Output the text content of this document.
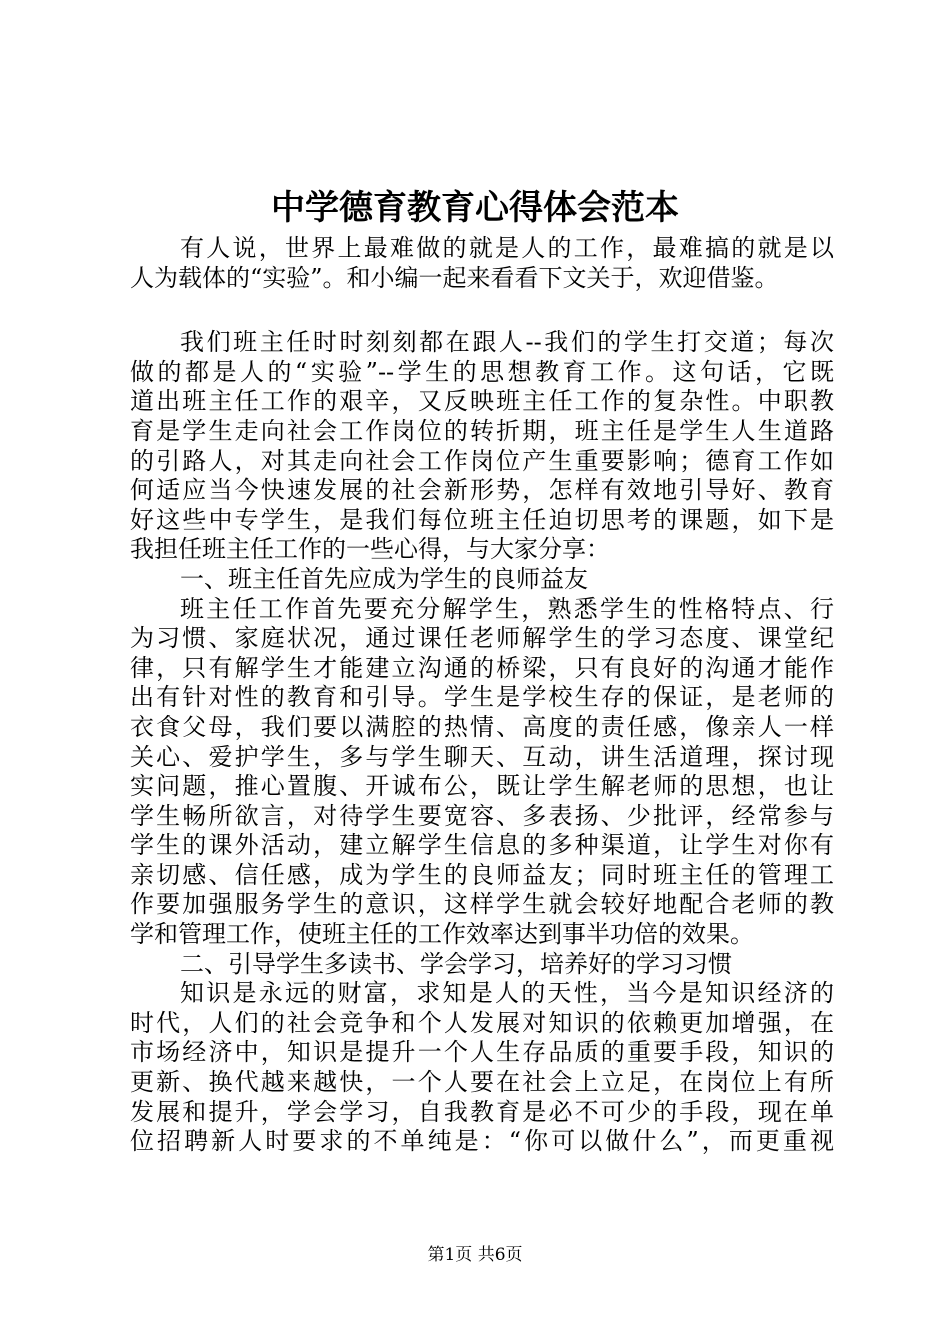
中学德育教育心得体会范本
有人说，世界上最难做的就是人的工作，最难搞的就是以
人为载体的“实验”。和小编一起来看看下文关于，欢迎借鉴。
我们班主任时时刻刻都在跟人--我们的学生打交道；每次
做的都是人的“实验”--学生的思想教育工作。这句话，它既
道出班主任工作的艰辛，又反映班主任工作的复杂性。中职教
育是学生走向社会工作岗位的转折期，班主任是学生人生道路
的引路人，对其走向社会工作岗位产生重要影响；德育工作如
何适应当今快速发展的社会新形势，怎样有效地引导好、教育
好这些中专学生，是我们每位班主任迫切思考的课题，如下是
我担任班主任工作的一些心得，与大家分享：
一、班主任首先应成为学生的良师益友
班主任工作首先要充分解学生，熟悉学生的性格特点、行
为习惯、家庭状况，通过课任老师解学生的学习态度、课堂纪
律，只有解学生才能建立沟通的桥梁，只有良好的沟通才能作
出有针对性的教育和引导。学生是学校生存的保证，是老师的
衣食父母，我们要以满腔的热情、高度的责任感，像亲人一样
关心、爱护学生，多与学生聊天、互动，讲生活道理，探讨现
实问题，推心置腹、开诚布公，既让学生解老师的思想，也让
学生畅所欲言，对待学生要宽容、多表扬、少批评，经常参与
学生的课外活动，建立解学生信息的多种渠道，让学生对你有
亲切感、信任感，成为学生的良师益友；同时班主任的管理工
作要加强服务学生的意识，这样学生就会较好地配合老师的教
学和管理工作，使班主任的工作效率达到事半功倍的效果。
二、引导学生多读书、学会学习，培养好的学习习惯
知识是永远的财富，求知是人的天性，当今是知识经济的
时代，人们的社会竞争和个人发展对知识的依赖更加增强，在
市场经济中，知识是提升一个人生存品质的重要手段，知识的
更新、换代越来越快，一个人要在社会上立足，在岗位上有所
发展和提升，学会学习，自我教育是必不可少的手段，现在单
位招聘新人时要求的不单纯是：“你可以做什么”，而更重视
第1页 共6页
